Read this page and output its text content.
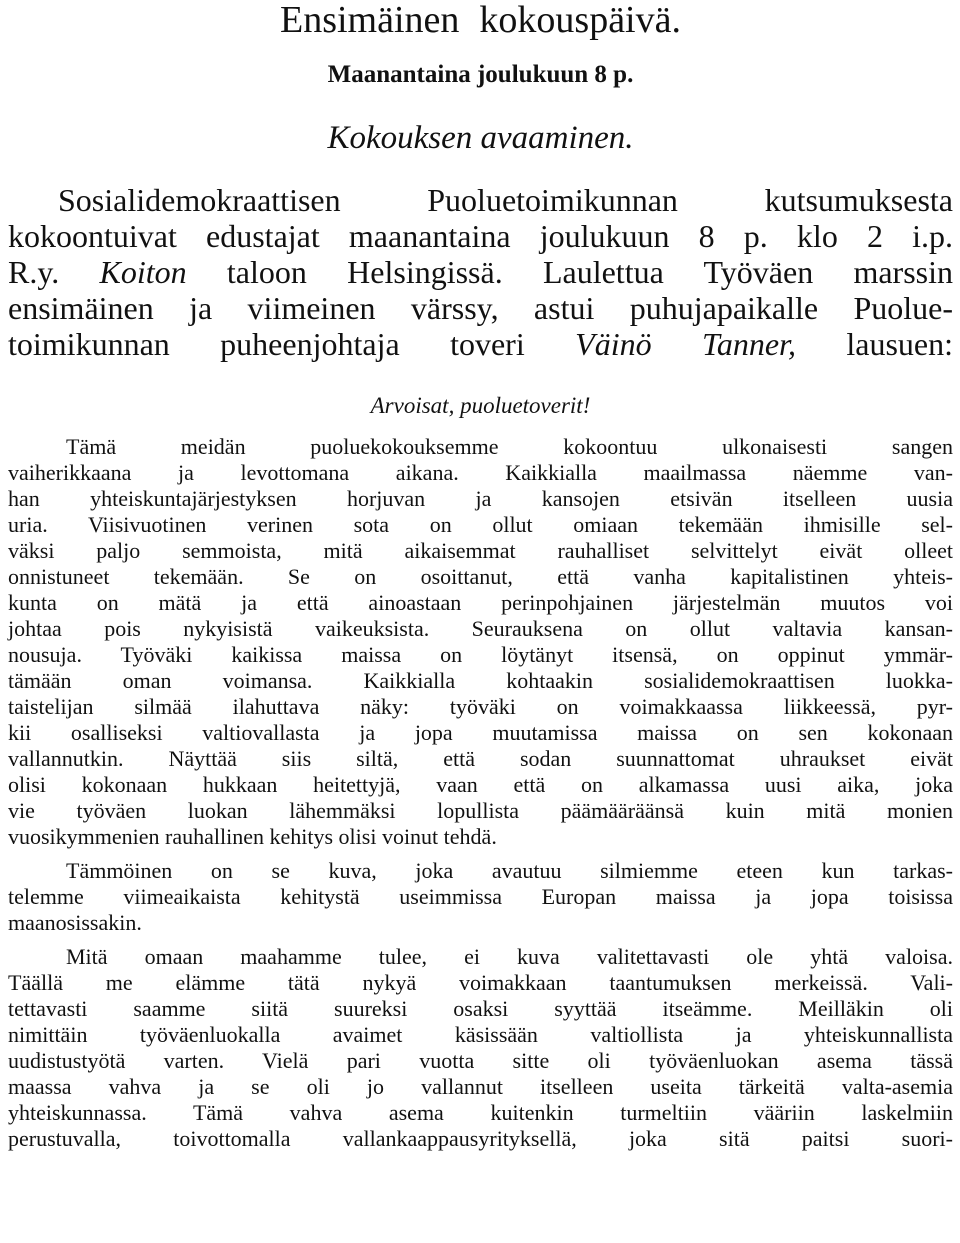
Ensimäinen kokouspäivä.
Maanantaina joulukuun 8 p.
Kokouksen avaaminen.
Sosialidemokraattisen Puoluetoimikunnan kutsumuksesta
kokoontuivat edustajat maanantaina joulukuun 8 p. klo 2 i.p.
R.y. Koiton taloon Helsingissä. Laulettua Työväen marssin
ensimäinen ja viimeinen värssy, astui puhujapaikalle Puolue-
toimikunnan puheenjohtaja toveri Väinö Tanner, lausuen:
Arvoisat, puoluetoverit!
Tämä meidän puoluekokouksemme kokoontuu ulkonaisesti sangen
vaiherikkaana ja levottomana aikana. Kaikkialla maailmassa näemme van-
han yhteiskuntajärjestyksen horjuvan ja kansojen etsivän itselleen uusia
uria. Viisivuotinen verinen sota on ollut omiaan tekemään ihmisille sel-
väksi paljo semmoista, mitä aikaisemmat rauhalliset selvittelyt eivät olleet
onnistuneet tekemään. Se on osoittanut, että vanha kapitalistinen yhteis-
kunta on mätä ja että ainoastaan perinpohjainen järjestelmän muutos voi
johtaa pois nykyisistä vaikeuksista. Seurauksena on ollut valtavia kansan-
nousuja. Työväki kaikissa maissa on löytänyt itsensä, on oppinut ymmär-
tämään oman voimansa. Kaikkialla kohtaakin sosialidemokraattisen luokka-
taistelijan silmää ilahuttava näky: työväki on voimakkaassa liikkeessä, pyr-
kii osalliseksi valtiovallasta ja jopa muutamissa maissa on sen kokonaan
vallannutkin. Näyttää siis siltä, että sodan suunnattomat uhraukset eivät
olisi kokonaan hukkaan heitettyjä, vaan että on alkamassa uusi aika, joka
vie työväen luokan lähemmäksi lopullista päämääräänsä kuin mitä monien
vuosikymmenien rauhallinen kehitys olisi voinut tehdä.
Tämmöinen on se kuva, joka avautuu silmiemme eteen kun tarkas-
telemme viimeaikaista kehitystä useimmissa Europan maissa ja jopa toisissa
maanosissakin.
Mitä omaan maahamme tulee, ei kuva valitettavasti ole yhtä valoisa.
Täällä me elämme tätä nykyä voimakkaan taantumuksen merkeissä. Vali-
tettavasti saamme siitä suureksi osaksi syyttää itseämme. Meilläkin oli
nimittäin työväenluokalla avaimet käsissään valtiollista ja yhteiskunnallista
uudistustyötä varten. Vielä pari vuotta sitte oli työväenluokan asema tässä
maassa vahva ja se oli jo vallannut itselleen useita tärkeitä valta-asemia
yhteiskunnassa. Tämä vahva asema kuitenkin turmeltiin vääriin laskelmiin
perustuvalla, toivottomalla vallankaappausyrityksellä, joka sitä paitsi suori-
